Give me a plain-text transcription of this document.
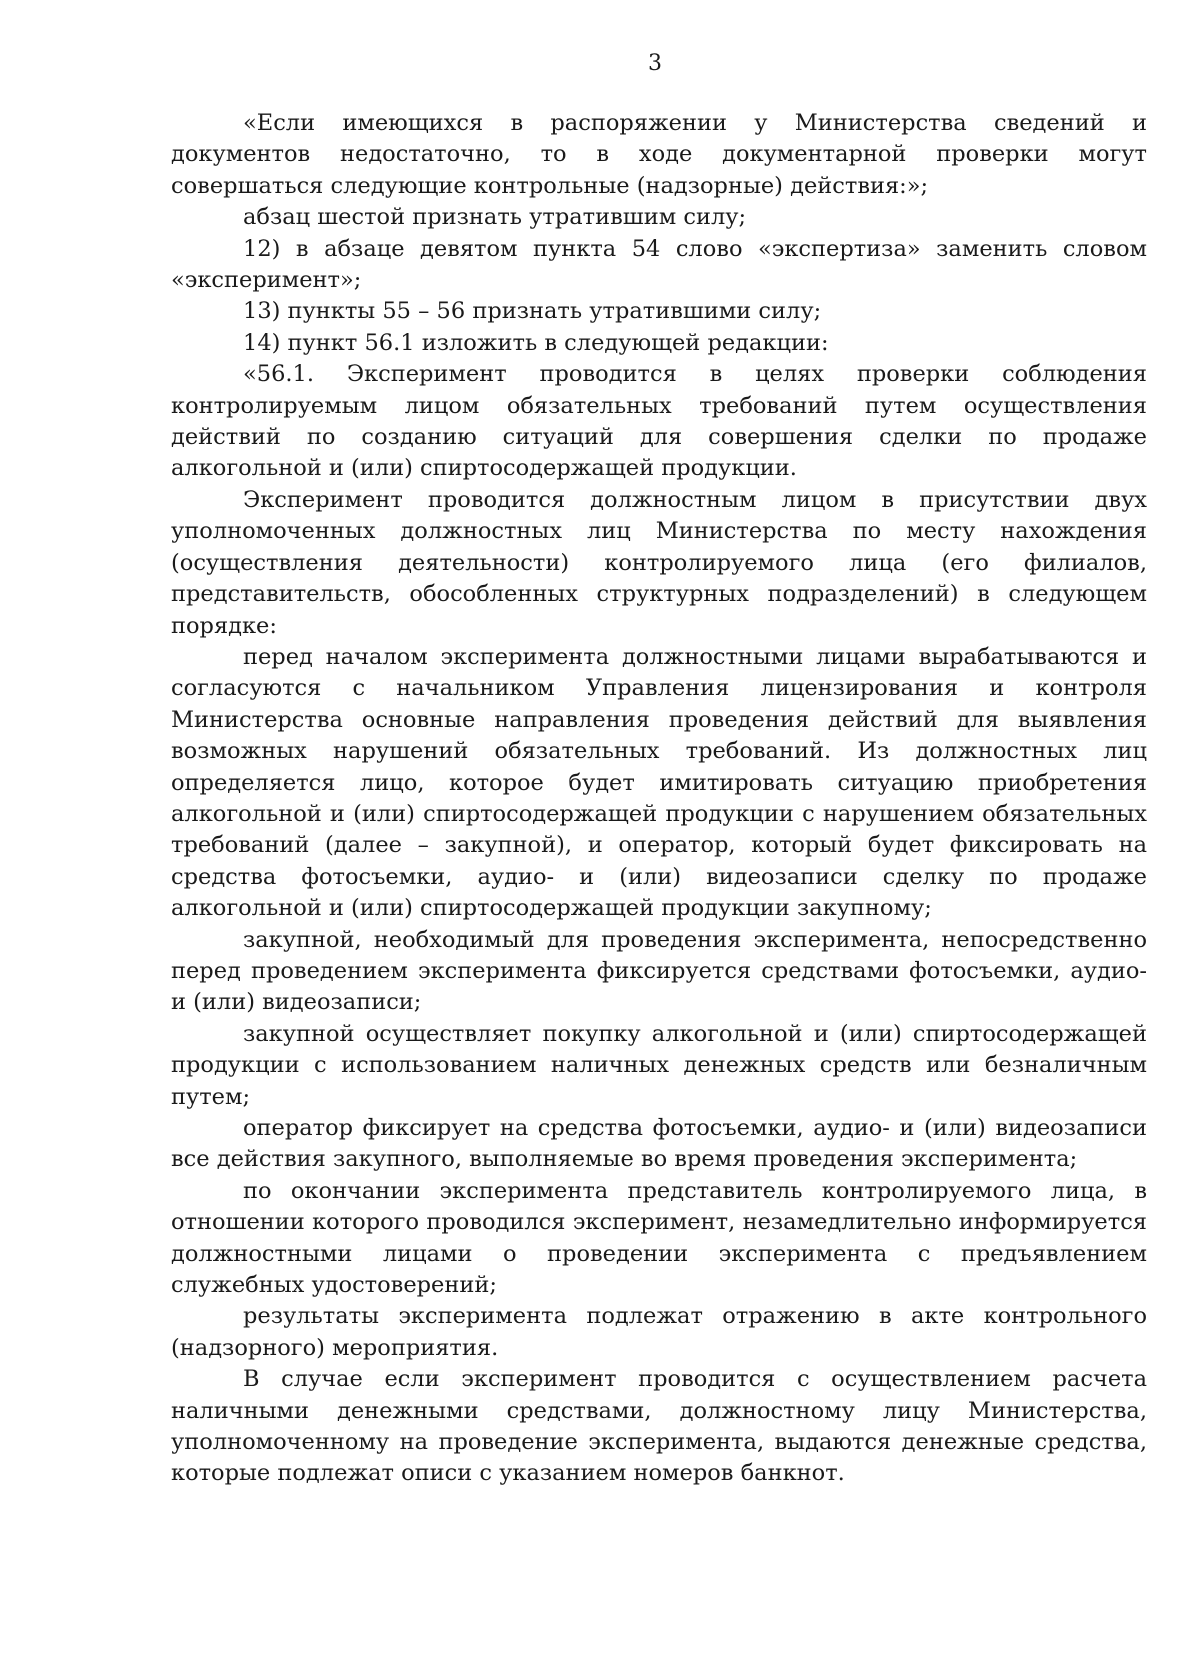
3

«Если имеющихся в распоряжении у Министерства сведений и документов недостаточно, то в ходе документарной проверки могут совершаться следующие контрольные (надзорные) действия:»;

абзац шестой признать утратившим силу;

12) в абзаце девятом пункта 54 слово «экспертиза» заменить словом «эксперимент»;

13) пункты 55 – 56 признать утратившими силу;

14) пункт 56.1 изложить в следующей редакции:

«56.1. Эксперимент проводится в целях проверки соблюдения контролируемым лицом обязательных требований путем осуществления действий по созданию ситуаций для совершения сделки по продаже алкогольной и (или) спиртосодержащей продукции.

Эксперимент проводится должностным лицом в присутствии двух уполномоченных должностных лиц Министерства по месту нахождения (осуществления деятельности) контролируемого лица (его филиалов, представительств, обособленных структурных подразделений) в следующем порядке:

перед началом эксперимента должностными лицами вырабатываются и согласуются с начальником Управления лицензирования и контроля Министерства основные направления проведения действий для выявления возможных нарушений обязательных требований. Из должностных лиц определяется лицо, которое будет имитировать ситуацию приобретения алкогольной и (или) спиртосодержащей продукции с нарушением обязательных требований (далее – закупной), и оператор, который будет фиксировать на средства фотосъемки, аудио- и (или) видеозаписи сделку по продаже алкогольной и (или) спиртосодержащей продукции закупному;

закупной, необходимый для проведения эксперимента, непосредственно перед проведением эксперимента фиксируется средствами фотосъемки, аудио- и (или) видеозаписи;

закупной осуществляет покупку алкогольной и (или) спиртосодержащей продукции с использованием наличных денежных средств или безналичным путем;

оператор фиксирует на средства фотосъемки, аудио- и (или) видеозаписи все действия закупного, выполняемые во время проведения эксперимента;

по окончании эксперимента представитель контролируемого лица, в отношении которого проводился эксперимент, незамедлительно информируется должностными лицами о проведении эксперимента с предъявлением служебных удостоверений;

результаты эксперимента подлежат отражению в акте контрольного (надзорного) мероприятия.

В случае если эксперимент проводится с осуществлением расчета наличными денежными средствами, должностному лицу Министерства, уполномоченному на проведение эксперимента, выдаются денежные средства, которые подлежат описи с указанием номеров банкнот.
